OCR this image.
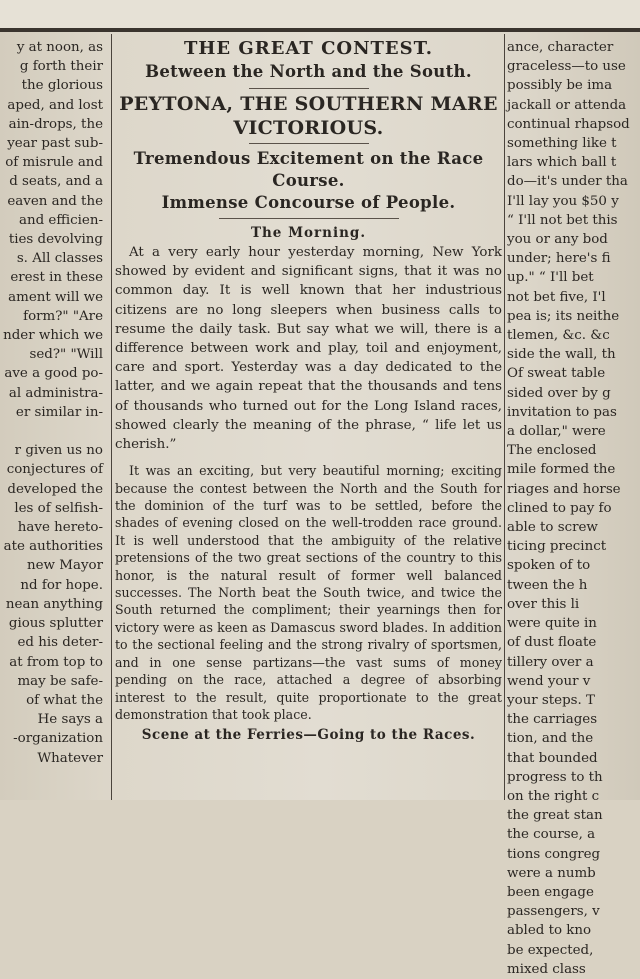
y at noon, as
g forth their
the glorious
aped, and lost
ain-drops, the
year past sub-
of misrule and
d seats, and a
eaven and the
and efficien-
ties devolving
s. All classes
erest in these
ament will we
form?" "Are
nder which we
sed?" "Will
ave a good po-
al administra-
er similar in-

r given us no
conjectures of
developed the
les of selfish-
have hereto-
ate authorities
new Mayor
nd for hope.
nean anything
gious splutter
ed his deter-
at from top to
may be safe-
of what the
He says a
-organization
Whatever
THE GREAT CONTEST.
Between the North and the South.
PEYTONA, THE SOUTHERN MARE
VICTORIOUS.
Tremendous Excitement on the Race Course.
Immense Concourse of People.
The Morning.

At a very early hour yesterday morning, New York showed by evident and significant signs, that it was no common day. It is well known that her industrious citizens are no long sleepers when business calls to resume the daily task. But say what we will, there is a difference between work and play, toil and enjoyment, care and sport. Yesterday was a day dedicated to the latter, and we again repeat that the thousands and tens of thousands who turned out for the Long Island races, showed clearly the meaning of the phrase, “ life let us cherish.”

It was an exciting, but very beautiful morning; exciting because the contest between the North and the South for the dominion of the turf was to be settled, before the shades of evening closed on the well-trodden race ground. It is well understood that the ambiguity of the relative pretensions of the two great sections of the country to this honor, is the natural result of former well balanced successes. The North beat the South twice, and twice the South returned the compliment; their yearnings then for victory were as keen as Damascus sword blades. In addition to the sectional feeling and the strong rivalry of sportsmen, and in one sense partizans—the vast sums of money pending on the race, attached a degree of absorbing interest to the result, quite proportionate to the great demonstration that took place.

Scene at the Ferries—Going to the Races.
ance, character
graceless—to use
possibly be ima
jackall or attenda
continual rhapsod
something like t
lars which ball t
do—it's under tha
I'll lay you $50 y
“ I'll not bet this
you or any bod
under; here's fi
up." “ I'll bet
not bet five, I'l
pea is; its neithe
tlemen, &c. &c
side the wall, th
Of sweat table
sided over by g
invitation to pas
a dollar," were
The enclosed
mile formed the
riages and horse
clined to pay fo
able to screw
ticing precinct
spoken of to
tween the h
over this li
were quite in
of dust floate
tillery over a
wend your v
your steps. T
the carriages
tion, and the
that bounded
progress to th
on the right c
the great stan
the course, a
tions congreg
were a numb
been engage
passengers, v
abled to kno
be expected,
mixed class
